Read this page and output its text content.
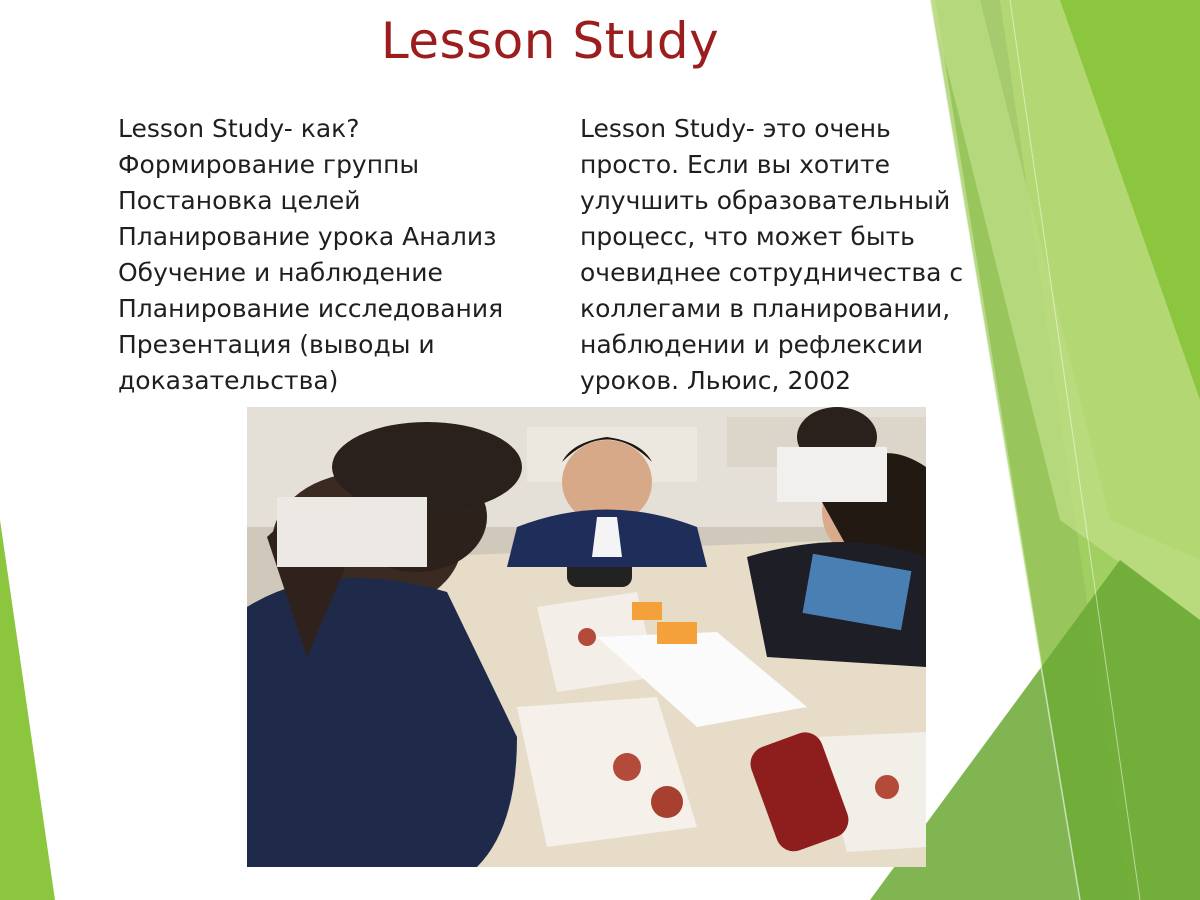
Lesson Study
Lesson Study- как?
Формирование группы
Постановка целей
Планирование урока Анализ
Обучение и наблюдение
Планирование исследования
Презентация (выводы и
доказательства)
Lesson Study- это очень
просто. Если вы хотите
улучшить образовательный
процесс, что может быть
очевиднее сотрудничества с
коллегами в планировании,
наблюдении и рефлексии
уроков. Льюис, 2002
